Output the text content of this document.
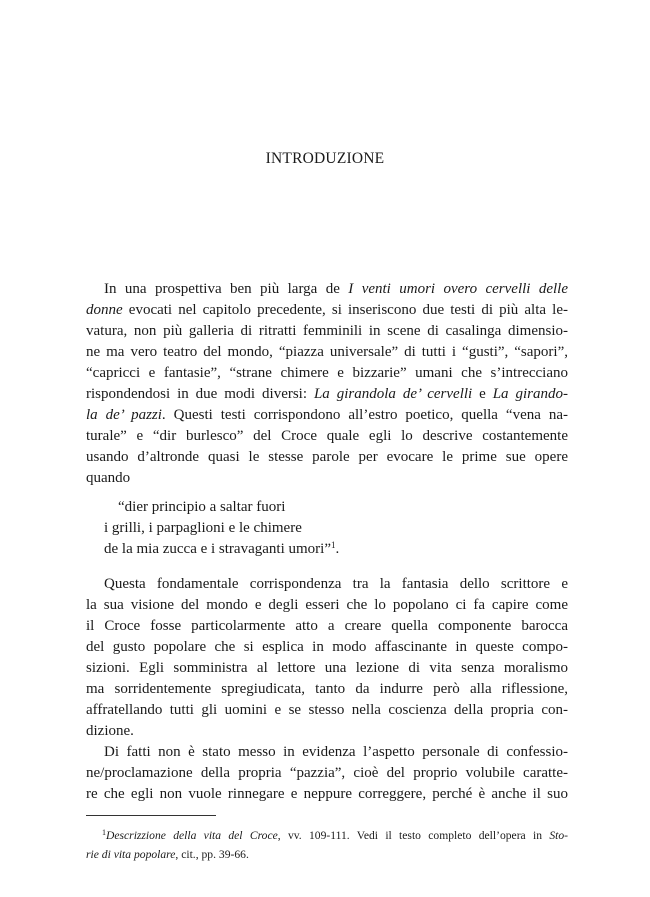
INTRODUZIONE
In una prospettiva ben più larga de I venti umori overo cervelli delle
donne evocati nel capitolo precedente, si inseriscono due testi di più alta le-
vatura, non più galleria di ritratti femminili in scene di casalinga dimensio-
ne ma vero teatro del mondo, “piazza universale” di tutti i “gusti”, “sapori”,
“capricci e fantasie”, “strane chimere e bizzarie” umani che s’intrecciano
rispondendosi in due modi diversi: La girandola de’ cervelli e La girando-
la de’ pazzi. Questi testi corrispondono all’estro poetico, quella “vena na-
turale” e “dir burlesco” del Croce quale egli lo descrive costantemente
usando d’altronde quasi le stesse parole per evocare le prime sue opere
quando
“dier principio a saltar fuori
i grilli, i parpaglioni e le chimere
de la mia zucca e i stravaganti umori”$^1$.
Questa fondamentale corrispondenza tra la fantasia dello scrittore e
la sua visione del mondo e degli esseri che lo popolano ci fa capire come
il Croce fosse particolarmente atto a creare quella componente barocca
del gusto popolare che si esplica in modo affascinante in queste compo-
sizioni. Egli somministra al lettore una lezione di vita senza moralismo
ma sorridentemente spregiudicata, tanto da indurre però alla riflessione,
affratellando tutti gli uomini e se stesso nella coscienza della propria con-
dizione.
Di fatti non è stato messo in evidenza l’aspetto personale di confessio-
ne/proclamazione della propria “pazzia”, cioè del proprio volubile caratte-
re che egli non vuole rinnegare e neppure correggere, perché è anche il suo
$^1$Descrizzione della vita del Croce, vv. 109-111. Vedi il testo completo dell’opera in Sto-
rie di vita popolare, cit., pp. 39-66.
